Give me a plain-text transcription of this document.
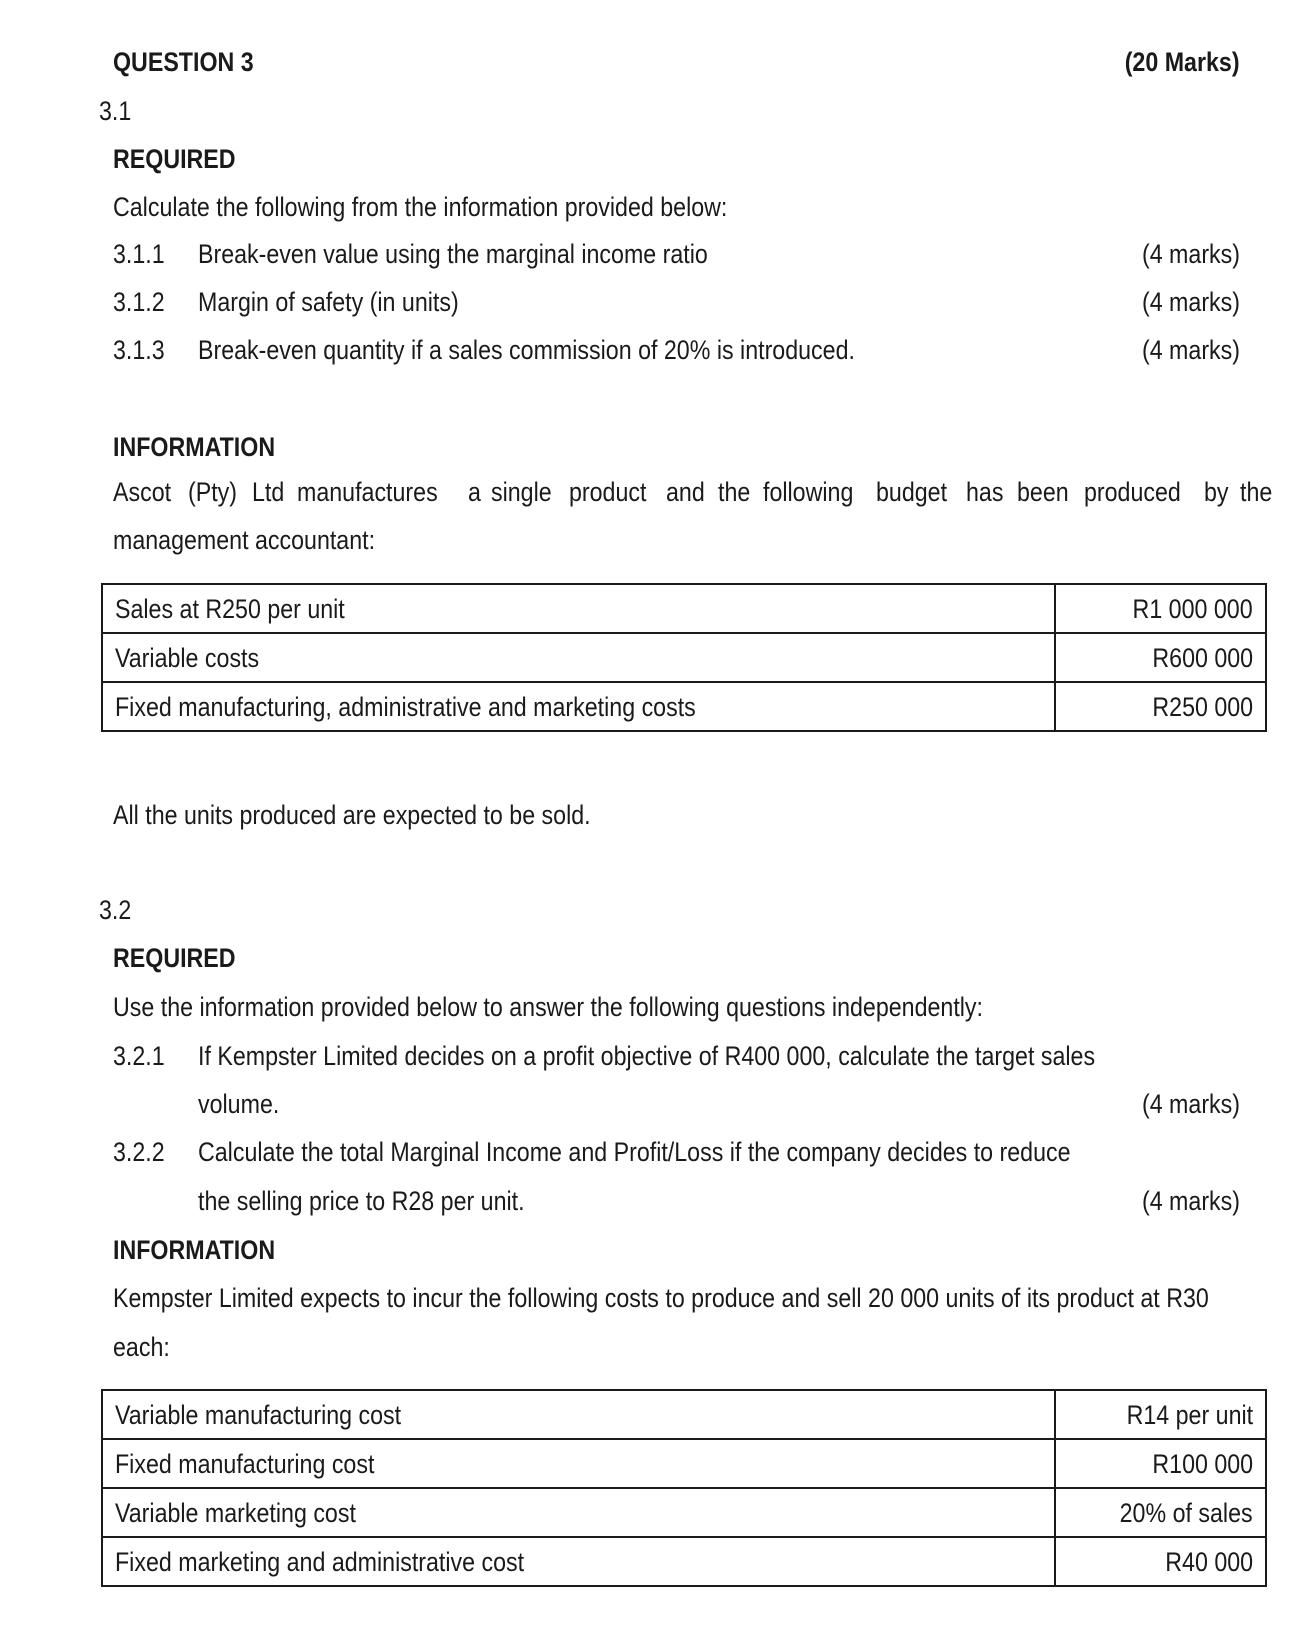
QUESTION 3	(20 Marks)
3.1
REQUIRED
Calculate the following from the information provided below:
3.1.1 Break-even value using the marginal income ratio	(4 marks)
3.1.2 Margin of safety (in units)	(4 marks)
3.1.3 Break-even quantity if a sales commission of 20% is introduced.	(4 marks)
INFORMATION
Ascot (Pty) Ltd manufactures a single product and the following budget has been produced by the
management accountant:
Sales at R250 per unit	R1 000 000
Variable costs	R600 000
Fixed manufacturing, administrative and marketing costs	R250 000
All the units produced are expected to be sold.
3.2
REQUIRED
Use the information provided below to answer the following questions independently:
3.2.1 If Kempster Limited decides on a profit objective of R400 000, calculate the target sales
volume.	(4 marks)
3.2.2 Calculate the total Marginal Income and Profit/Loss if the company decides to reduce
the selling price to R28 per unit.	(4 marks)
INFORMATION
Kempster Limited expects to incur the following costs to produce and sell 20 000 units of its product at R30
each:
Variable manufacturing cost	R14 per unit
Fixed manufacturing cost	R100 000
Variable marketing cost	20% of sales
Fixed marketing and administrative cost	R40 000
